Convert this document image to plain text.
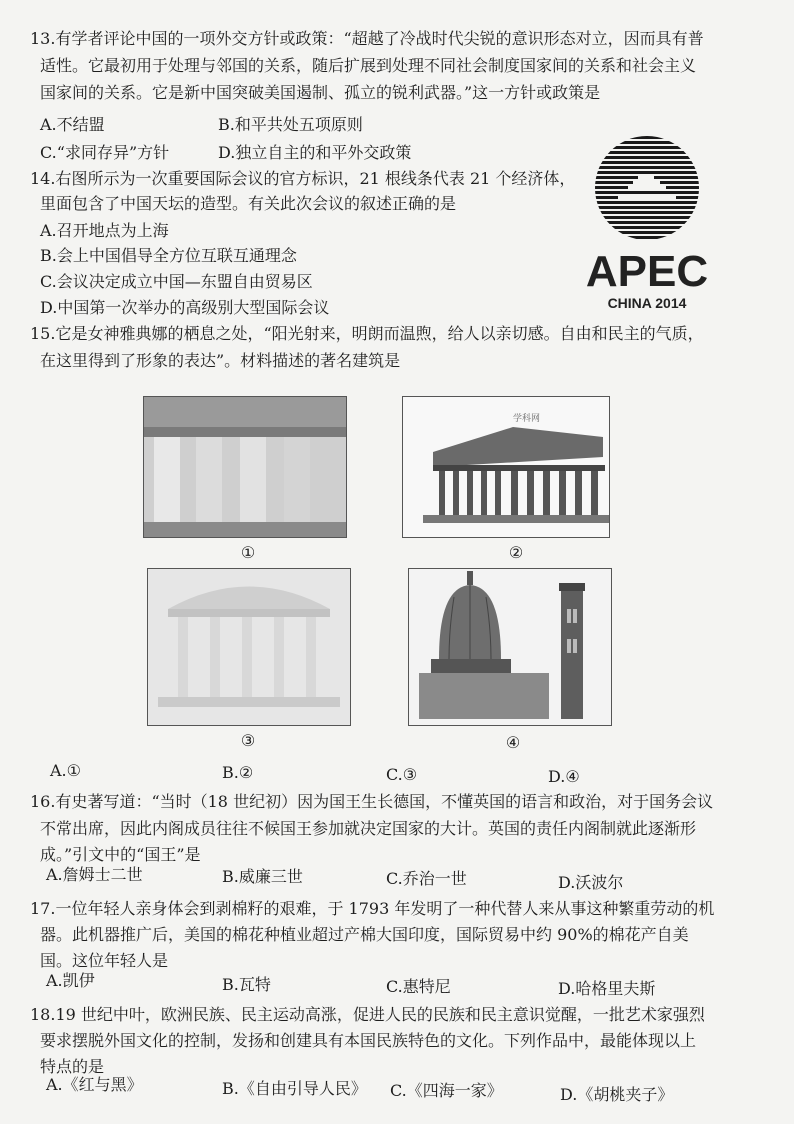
13.有学者评论中国的一项外交方针或政策：“超越了冷战时代尖锐的意识形态对立，因而具有普
适性。它最初用于处理与邻国的关系，随后扩展到处理不同社会制度国家间的关系和社会主义
国家间的关系。它是新中国突破美国遏制、孤立的锐利武器。”这一方针或政策是
A.不结盟	B.和平共处五项原则
C.“求同存异”方针	D.独立自主的和平外交政策
14.右图所示为一次重要国际会议的官方标识，21 根线条代表 21 个经济体，
里面包含了中国天坛的造型。有关此次会议的叙述正确的是
A.召开地点为上海
B.会上中国倡导全方位互联互通理念
C.会议决定成立中国—东盟自由贸易区
D.中国第一次举办的高级别大型国际会议
APEC
CHINA 2014
15.它是女神雅典娜的栖息之处，“阳光射来，明朗而温煦，给人以亲切感。自由和民主的气质，
在这里得到了形象的表达”。材料描述的著名建筑是
①
学科网
②
③	④
A.①	B.②	C.③	D.④
16.有史著写道：“当时（18 世纪初）因为国王生长德国，不懂英国的语言和政治，对于国务会议
不常出席，因此内阁成员往往不候国王参加就决定国家的大计。英国的责任内阁制就此逐渐形
成。”引文中的“国王”是
A.詹姆士二世	B.威廉三世	C.乔治一世	D.沃波尔
17.一位年轻人亲身体会到剥棉籽的艰难，于 1793 年发明了一种代替人来从事这种繁重劳动的机
器。此机器推广后，美国的棉花种植业超过产棉大国印度，国际贸易中约 90%的棉花产自美
国。这位年轻人是
A.凯伊	B.瓦特	C.惠特尼	D.哈格里夫斯
18.19 世纪中叶，欧洲民族、民主运动高涨，促进人民的民族和民主意识觉醒，一批艺术家强烈
要求摆脱外国文化的控制，发扬和创建具有本国民族特色的文化。下列作品中，最能体现以上
特点的是
A.《红与黑》	B.《自由引导人民》 C.《四海一家》	D.《胡桃夹子》
